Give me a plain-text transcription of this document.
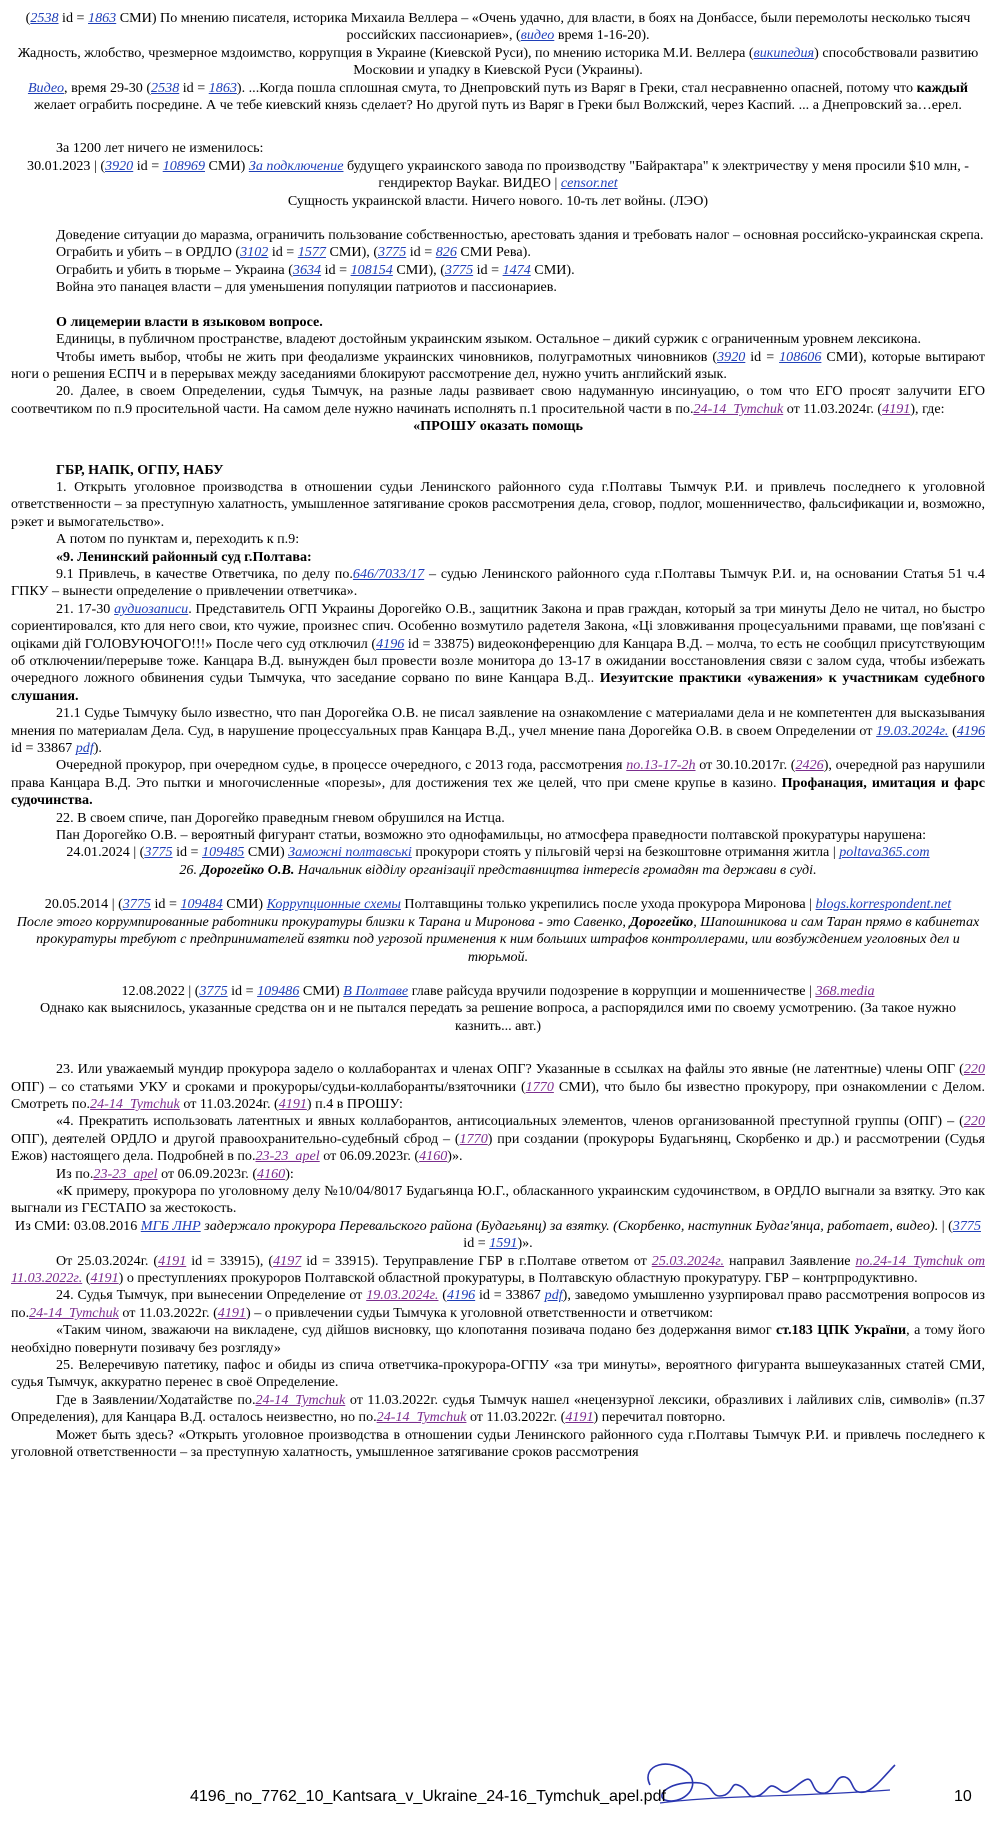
(2538 id = 1863 СМИ) По мнению писателя, историка Михаила Веллера – «Очень удачно, для власти, в боях на Донбассе, были перемолоты несколько тысяч российских пассионариев», (видео время 1-16-20).
Жадность, жлобство, чрезмерное мздоимство, коррупция в Украине (Киевской Руси), по мнению историка М.И. Веллера (википедия) способствовали развитию Московии и упадку в Киевской Руси (Украины).
Видео, время 29-30 (2538 id = 1863). ...Когда пошла сплошная смута, то Днепровский путь из Варяг в Греки, стал несравненно опасней, потому что каждый желает ограбить посредине. А че тебе киевский князь сделает? Но другой путь из Варяг в Греки был Волжский, через Каспий. ... а Днепровский за…ерел.
За 1200 лет ничего не изменилось:
30.01.2023 | (3920 id = 108969 СМИ) За подключение будущего украинского завода по производству "Байрактара" к электричеству у меня просили $10 млн, - гендиректор Baykar. ВИДЕО | censor.net
Сущность украинской власти. Ничего нового. 10-ть лет войны. (ЛЭО)
Доведение ситуации до маразма, ограничить пользование собственностью, арестовать здания и требовать налог – основная российско-украинская скрепа.
Ограбить и убить – в ОРДЛО (3102 id = 1577 СМИ), (3775 id = 826 СМИ Рева).
Ограбить и убить в тюрьме – Украина (3634 id = 108154 СМИ), (3775 id = 1474 СМИ).
Война это панацея власти – для уменьшения популяции патриотов и пассионариев.
О лицемерии власти в языковом вопросе.
Единицы, в публичном пространстве, владеют достойным украинским языком. Остальное – дикий суржик с ограниченным уровнем лексикона.
Чтобы иметь выбор, чтобы не жить при феодализме украинских чиновников, полуграмотных чиновников (3920 id = 108606 СМИ), которые вытирают ноги о решения ЕСПЧ и в перерывах между заседаниями блокируют рассмотрение дел, нужно учить английский язык.
20. Далее, в своем Определении, судья Тымчук, на разные лады развивает свою надуманную инсинуацию, о том что ЕГО просят залучити ЕГО соотвечтиком по п.9 просительной части. На самом деле нужно начинать исполнять п.1 просительной части в по.24-14_Tymchuk от 11.03.2024г. (4191), где:
«ПРОШУ оказать помощь
ГБР, НАПК, ОГПУ, НАБУ
1. Открыть уголовное производства в отношении судьи Ленинского районного суда г.Полтавы Тымчук Р.И. и привлечь последнего к уголовной ответственности – за преступную халатность, умышленное затягивание сроков рассмотрения дела, сговор, подлог, мошенничество, фальсификации и, возможно, рэкет и вымогательство».
А потом по пунктам и, переходить к п.9:
«9. Ленинский районный суд г.Полтава:
9.1 Привлечь, в качестве Ответчика, по делу по.646/7033/17 – судью Ленинского районного суда г.Полтавы Тымчук Р.И. и, на основании Статья 51 ч.4 ГПКУ – вынести определение о привлечении ответчика».
21. 17-30 аудиозаписи. Представитель ОГП Украины Дорогейко О.В., защитник Закона и прав граждан, который за три минуты Дело не читал, но быстро сориентировался, кто для него свои, кто чужие, произнес спич. Особенно возмутило радетеля Закона, «Ці зловживання процесуальними правами, ще пов'язані с оціками дій ГОЛОВУЮЧОГО!!!» После чего суд отключил (4196 id = 33875) видеоконференцию для Канцара В.Д. – молча, то есть не сообщил присутствующим об отключении/перерыве тоже. Канцара В.Д. вынужден был провести возле монитора до 13-17 в ожидании восстановления связи с залом суда, чтобы избежать очередного ложного обвинения судьи Тымчука, что заседание сорвано по вине Канцара В.Д.. Иезуитские практики «уважения» к участникам судебного слушания.
21.1 Судье Тымчуку было известно, что пан Дорогейка О.В. не писал заявление на ознакомление с материалами дела и не компетентен для высказывания мнения по материалам Дела. Суд, в нарушение процессуальных прав Канцара В.Д., учел мнение пана Дорогейка О.В. в своем Определении от 19.03.2024г. (4196 id = 33867 pdf).
Очередной прокурор, при очередном судье, в процессе очередного, с 2013 года, рассмотрения по.13-17-2h от 30.10.2017г. (2426), очередной раз нарушили права Канцара В.Д. Это пытки и многочисленные «порезы», для достижения тех же целей, что при смене крупье в казино. Профанация, имитация и фарс судочинства.
22. В своем спиче, пан Дорогейко праведным гневом обрушился на Истца.
Пан Дорогейко О.В. – вероятный фигурант статьи, возможно это однофамильцы, но атмосфера праведности полтавской прокуратуры нарушена:
24.01.2024 | (3775 id = 109485 СМИ) Заможні полтавські прокурори стоять у пільговій черзі на безкоштовне отримання житла | poltava365.com
26. Дорогейко О.В. Начальник відділу організації представництва інтересів громадян та держави в суді.
20.05.2014 | (3775 id = 109484 СМИ) Коррупционные схемы Полтавщины только укрепились после ухода прокурора Миронова | blogs.korrespondent.net
После этого коррумпированные работники прокуратуры близки к Тарана и Миронова - это Савенко, Дорогейко, Шапошникова и сам Таран прямо в кабинетах прокуратуры требуют с предпринимателей взятки под угрозой применения к ним больших штрафов контроллерами, или возбуждением уголовных дел и тюрьмой.
12.08.2022 | (3775 id = 109486 СМИ) В Полтаве главе райсуда вручили подозрение в коррупции и мошенничестве | 368.media
Однако как выяснилось, указанные средства он и не пытался передать за решение вопроса, а распорядился ими по своему усмотрению. (За такое нужно казнить... авт.)
23. Или уважаемый мундир прокурора задело о коллаборантах и членах ОПГ? Указанные в ссылках на файлы это явные (не латентные) члены ОПГ (220 ОПГ) – со статьями УКУ и сроками и прокуроры/судьи-коллаборанты/взяточники (1770 СМИ), что было бы известно прокурору, при ознакомлении с Делом. Смотреть по.24-14_Tymchuk от 11.03.2024г. (4191) п.4 в ПРОШУ:
«4. Прекратить использовать латентных и явных коллаборантов, антисоциальных элементов, членов организованной преступной группы (ОПГ) – (220 ОПГ), деятелей ОРДЛО и другой правоохранительно-судебный сброд – (1770) при создании (прокуроры Будагьнянц, Скорбенко и др.) и рассмотрении (Судья Ежов) настоящего дела. Подробней в по.23-23_apel от 06.09.2023г. (4160)».
Из по.23-23_apel от 06.09.2023г. (4160):
«К примеру, прокурора по уголовному делу №10/04/8017 Будагьянца Ю.Г., обласканного украинским судочинством, в ОРДЛО выгнали за взятку. Это как выгнали из ГЕСТАПО за жестокость.
Из СМИ: 03.08.2016 МГБ ЛНР задержало прокурора Перевальского района (Будагьянц) за взятку. (Скорбенко, наступник Будаг'янца, работает, видео). | (3775 id = 1591)».
От 25.03.2024г. (4191 id = 33915), (4197 id = 33915). Теруправление ГБР в г.Полтаве ответом от 25.03.2024г. направил Заявление по.24-14_Tymchuk от 11.03.2022г. (4191) о преступлениях прокуроров Полтавской областной прокуратуры, в Полтавскую областную прокуратуру. ГБР – контрпродуктивно.
24. Судья Тымчук, при вынесении Определение от 19.03.2024г. (4196 id = 33867 pdf), заведомо умышленно узурпировал право рассмотрения вопросов из по.24-14_Tymchuk от 11.03.2022г. (4191) – о привлечении судьи Тымчука к уголовной ответственности и ответчиком:
«Таким чином, зважаючи на викладене, суд дійшов висновку, що клопотання позивача подано без додержання вимог ст.183 ЦПК України, а тому його необхідно повернути позивачу без розгляду»
25. Велеречивую патетику, пафос и обиды из спича ответчика-прокурора-ОГПУ «за три минуты», вероятного фигуранта вышеуказанных статей СМИ, судья Тымчук, аккуратно перенес в своё Определение.
Где в Заявлении/Ходатайстве по.24-14_Tymchuk от 11.03.2022г. судья Тымчук нашел «нецензурної лексики, образливих і лайливих слів, символів» (п.37 Определения), для Канцара В.Д. осталось неизвестно, но по.24-14_Tymchuk от 11.03.2022г. (4191) перечитал повторно.
Может быть здесь? «Открыть уголовное производства в отношении судьи Ленинского районного суда г.Полтавы Тымчук Р.И. и привлечь последнего к уголовной ответственности – за преступную халатность, умышленное затягивание сроков рассмотрения
4196_no_7762_10_Kantsara_v_Ukraine_24-16_Tymchuk_apel.pdf	10
